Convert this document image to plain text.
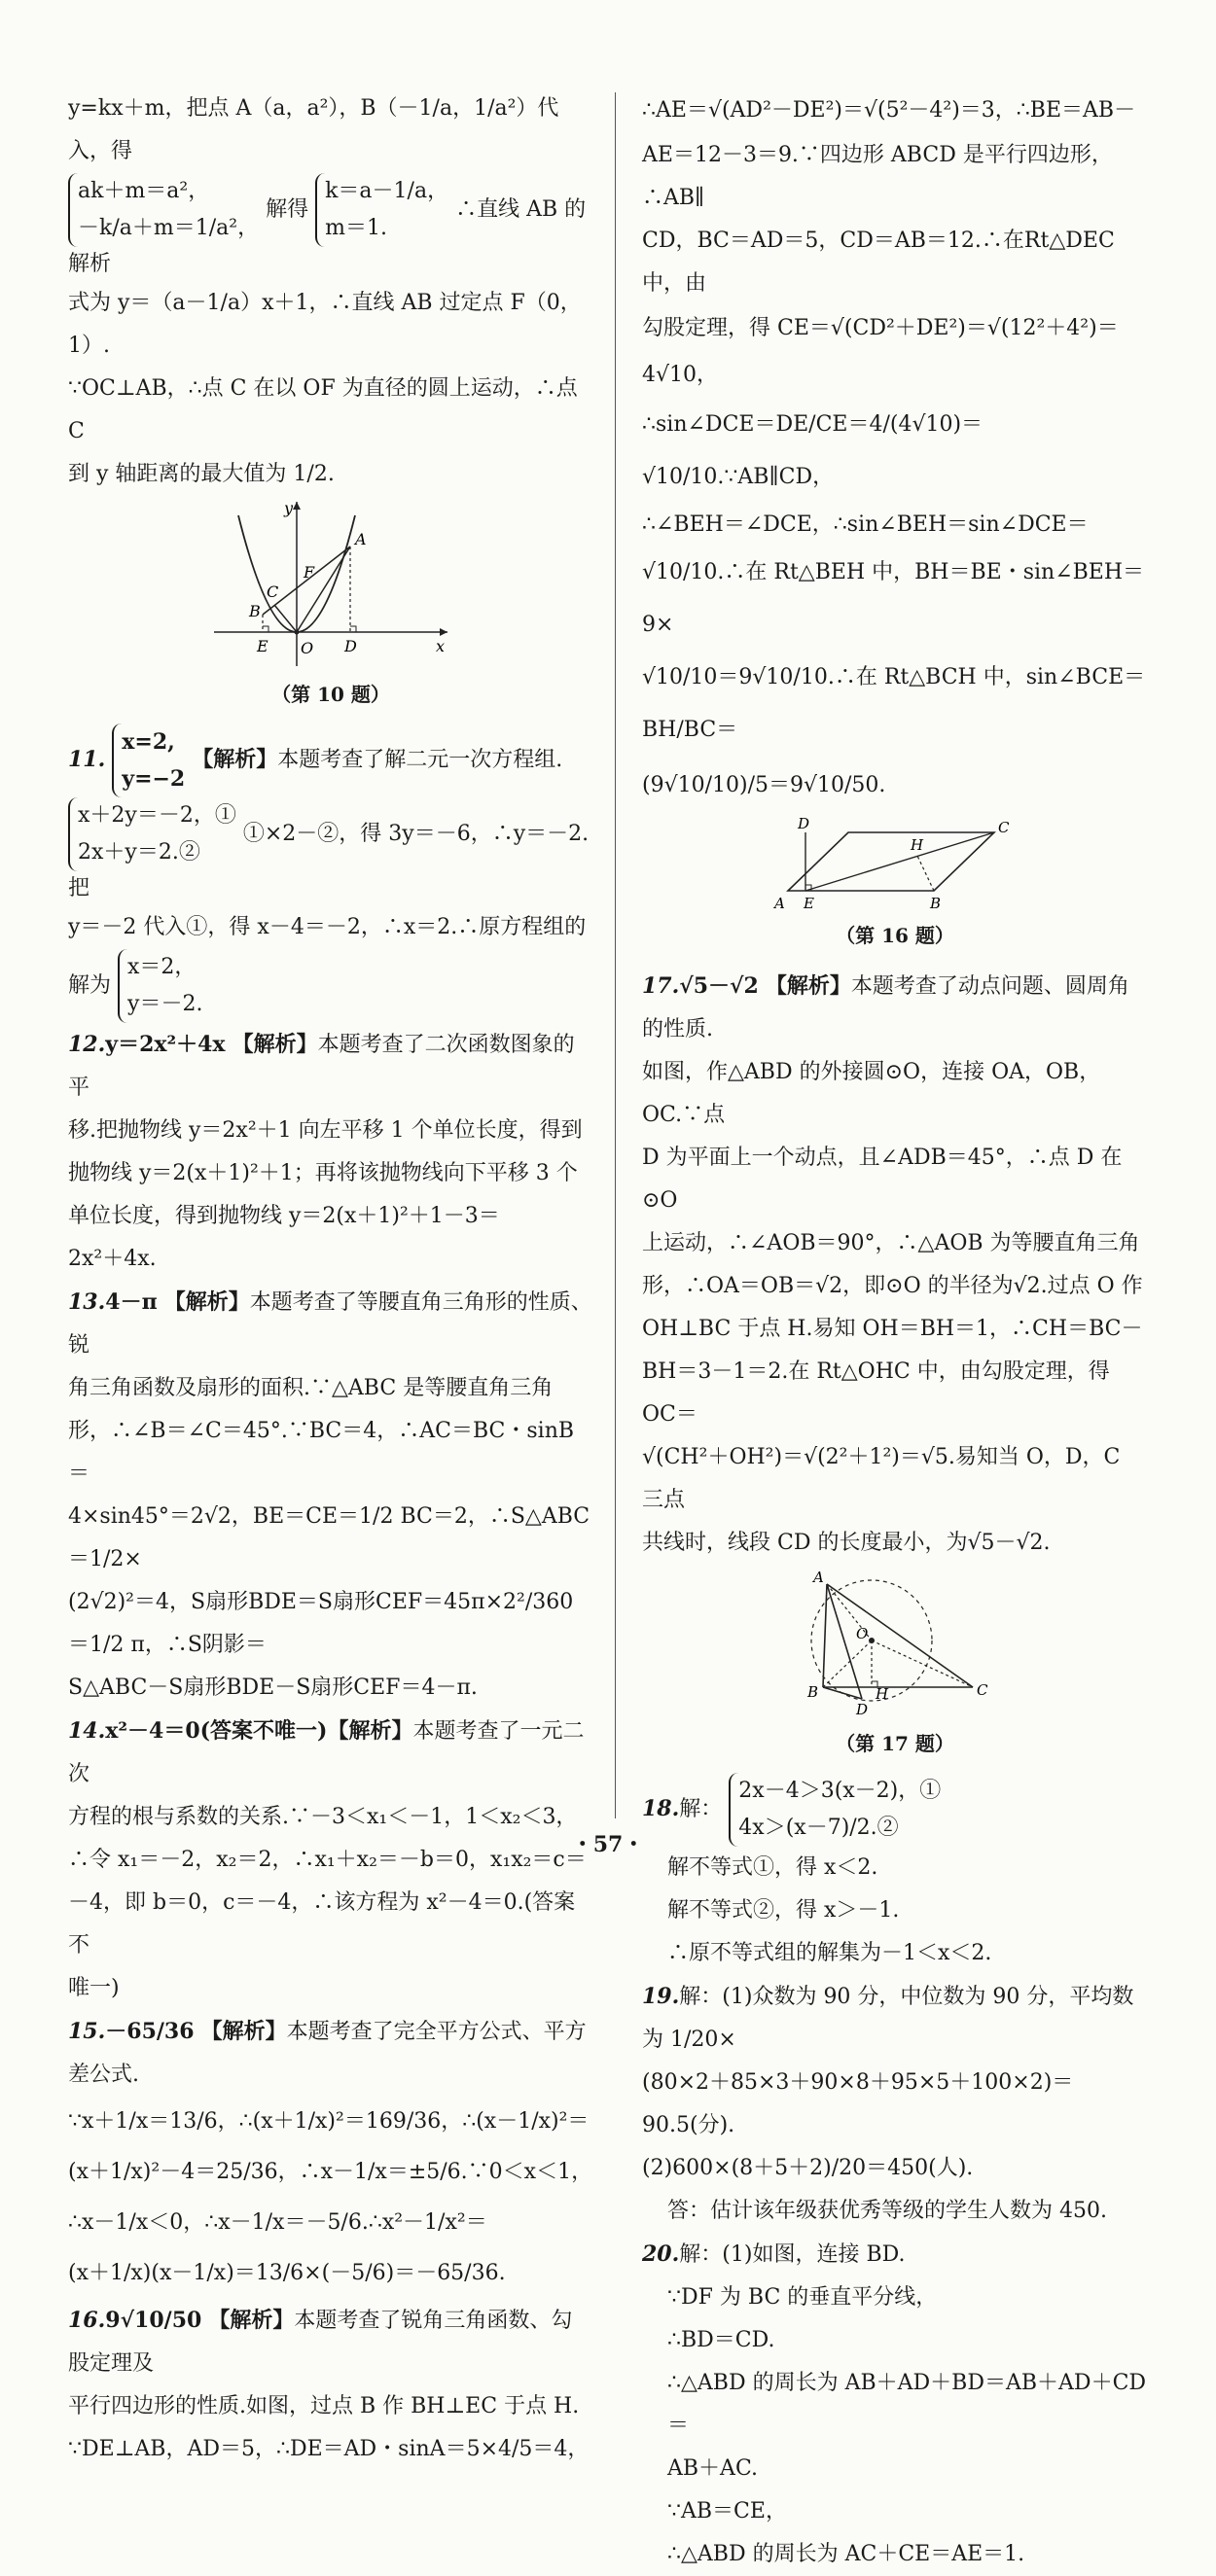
y=kx＋m，把点 A（a，a²），B（－1/a，1/a²）代入，得

ak＋m＝a²，
－k/a＋m＝1/a²， 解得 k＝a－1/a，
m＝1. ∴直线 AB 的解析

式为 y＝（a－1/a）x＋1，∴直线 AB 过定点 F（0，1）.

∵OC⊥AB，∴点 C 在以 OF 为直径的圆上运动，∴点 C

到 y 轴距离的最大值为 1/2.

y
x
A
B
C
D
E
F
O

（第 10 题）

11. x=2,
y=−2 【解析】本题考查了解二元一次方程组.
x＋2y＝－2，①
2x＋y＝2.② ①×2－②，得 3y＝－6，∴y＝－2.把

y＝－2 代入①，得 x－4＝－2，∴x＝2.∴原方程组的

解为 x＝2，
y＝－2.

12.y＝2x²＋4x 【解析】本题考查了二次函数图象的平

移.把抛物线 y＝2x²＋1 向左平移 1 个单位长度，得到

抛物线 y＝2(x＋1)²＋1；再将该抛物线向下平移 3 个

单位长度，得到抛物线 y＝2(x＋1)²＋1－3＝

2x²＋4x.

13.4－π 【解析】本题考查了等腰直角三角形的性质、锐

角三角函数及扇形的面积.∵△ABC 是等腰直角三角

形，∴∠B＝∠C＝45°.∵BC＝4，∴AC＝BC・sinB＝

4×sin45°＝2√2，BE＝CE＝1/2 BC＝2，∴S△ABC＝1/2×

(2√2)²＝4，S扇形BDE＝S扇形CEF＝45π×2²/360＝1/2 π，∴S阴影＝

S△ABC－S扇形BDE－S扇形CEF＝4－π.

14.x²－4＝0(答案不唯一)【解析】本题考查了一元二次

方程的根与系数的关系.∵－3＜x₁＜－1，1＜x₂＜3，

∴令 x₁＝－2，x₂＝2，∴x₁＋x₂＝－b＝0，x₁x₂＝c＝

－4，即 b＝0，c＝－4，∴该方程为 x²－4＝0.(答案不

唯一)

15.－65/36 【解析】本题考查了完全平方公式、平方差公式.

∵x＋1/x＝13/6，∴(x＋1/x)²＝169/36，∴(x－1/x)²＝

(x＋1/x)²－4＝25/36，∴x－1/x＝±5/6.∵0＜x＜1，

∴x－1/x＜0，∴x－1/x＝－5/6.∴x²－1/x²＝

(x＋1/x)(x－1/x)＝13/6×(－5/6)＝－65/36.

16.9√10/50 【解析】本题考查了锐角三角函数、勾股定理及

平行四边形的性质.如图，过点 B 作 BH⊥EC 于点 H.

∵DE⊥AB，AD＝5，∴DE＝AD・sinA＝5×4/5＝4，

∴AE＝√(AD²－DE²)＝√(5²－4²)＝3，∴BE＝AB－

AE＝12－3＝9.∵四边形 ABCD 是平行四边形，∴AB∥

CD，BC＝AD＝5，CD＝AB＝12.∴在Rt△DEC 中，由

勾股定理，得 CE＝√(CD²＋DE²)＝√(12²＋4²)＝4√10，

∴sin∠DCE＝DE/CE＝4/(4√10)＝√10/10.∵AB∥CD，

∴∠BEH＝∠DCE，∴sin∠BEH＝sin∠DCE＝

√10/10.∴在 Rt△BEH 中，BH＝BE・sin∠BEH＝9×

√10/10＝9√10/10.∴在 Rt△BCH 中，sin∠BCE＝BH/BC＝

(9√10/10)/5＝9√10/50.

A	B
C
D
E
H

（第 16 题）

17.√5－√2 【解析】本题考查了动点问题、圆周角的性质.

如图，作△ABD 的外接圆⊙O，连接 OA，OB，OC.∵点

D 为平面上一个动点，且∠ADB＝45°，∴点 D 在⊙O

上运动，∴∠AOB＝90°，∴△AOB 为等腰直角三角

形，∴OA＝OB＝√2，即⊙O 的半径为√2.过点 O 作

OH⊥BC 于点 H.易知 OH＝BH＝1，∴CH＝BC－

BH＝3－1＝2.在 Rt△OHC 中，由勾股定理，得 OC＝

√(CH²＋OH²)＝√(2²＋1²)＝√5.易知当 O，D，C 三点

共线时，线段 CD 的长度最小，为√5－√2.

A
B	C
D
H
O

（第 17 题）

18.解： 2x－4＞3(x－2)，①
4x＞(x－7)/2.②

解不等式①，得 x＜2.

解不等式②，得 x＞－1.

∴原不等式组的解集为－1＜x＜2.

19.解：(1)众数为 90 分，中位数为 90 分，平均数为 1/20×

(80×2＋85×3＋90×8＋95×5＋100×2)＝90.5(分).

(2)600×(8＋5＋2)/20＝450(人).

答：估计该年级获优秀等级的学生人数为 450.

20.解：(1)如图，连接 BD.

∵DF 为 BC 的垂直平分线，

∴BD＝CD.

∴△ABD 的周长为 AB＋AD＋BD＝AB＋AD＋CD＝

AB＋AC.

∵AB＝CE，

∴△ABD 的周长为 AC＋CE＝AE＝1.

・57・
